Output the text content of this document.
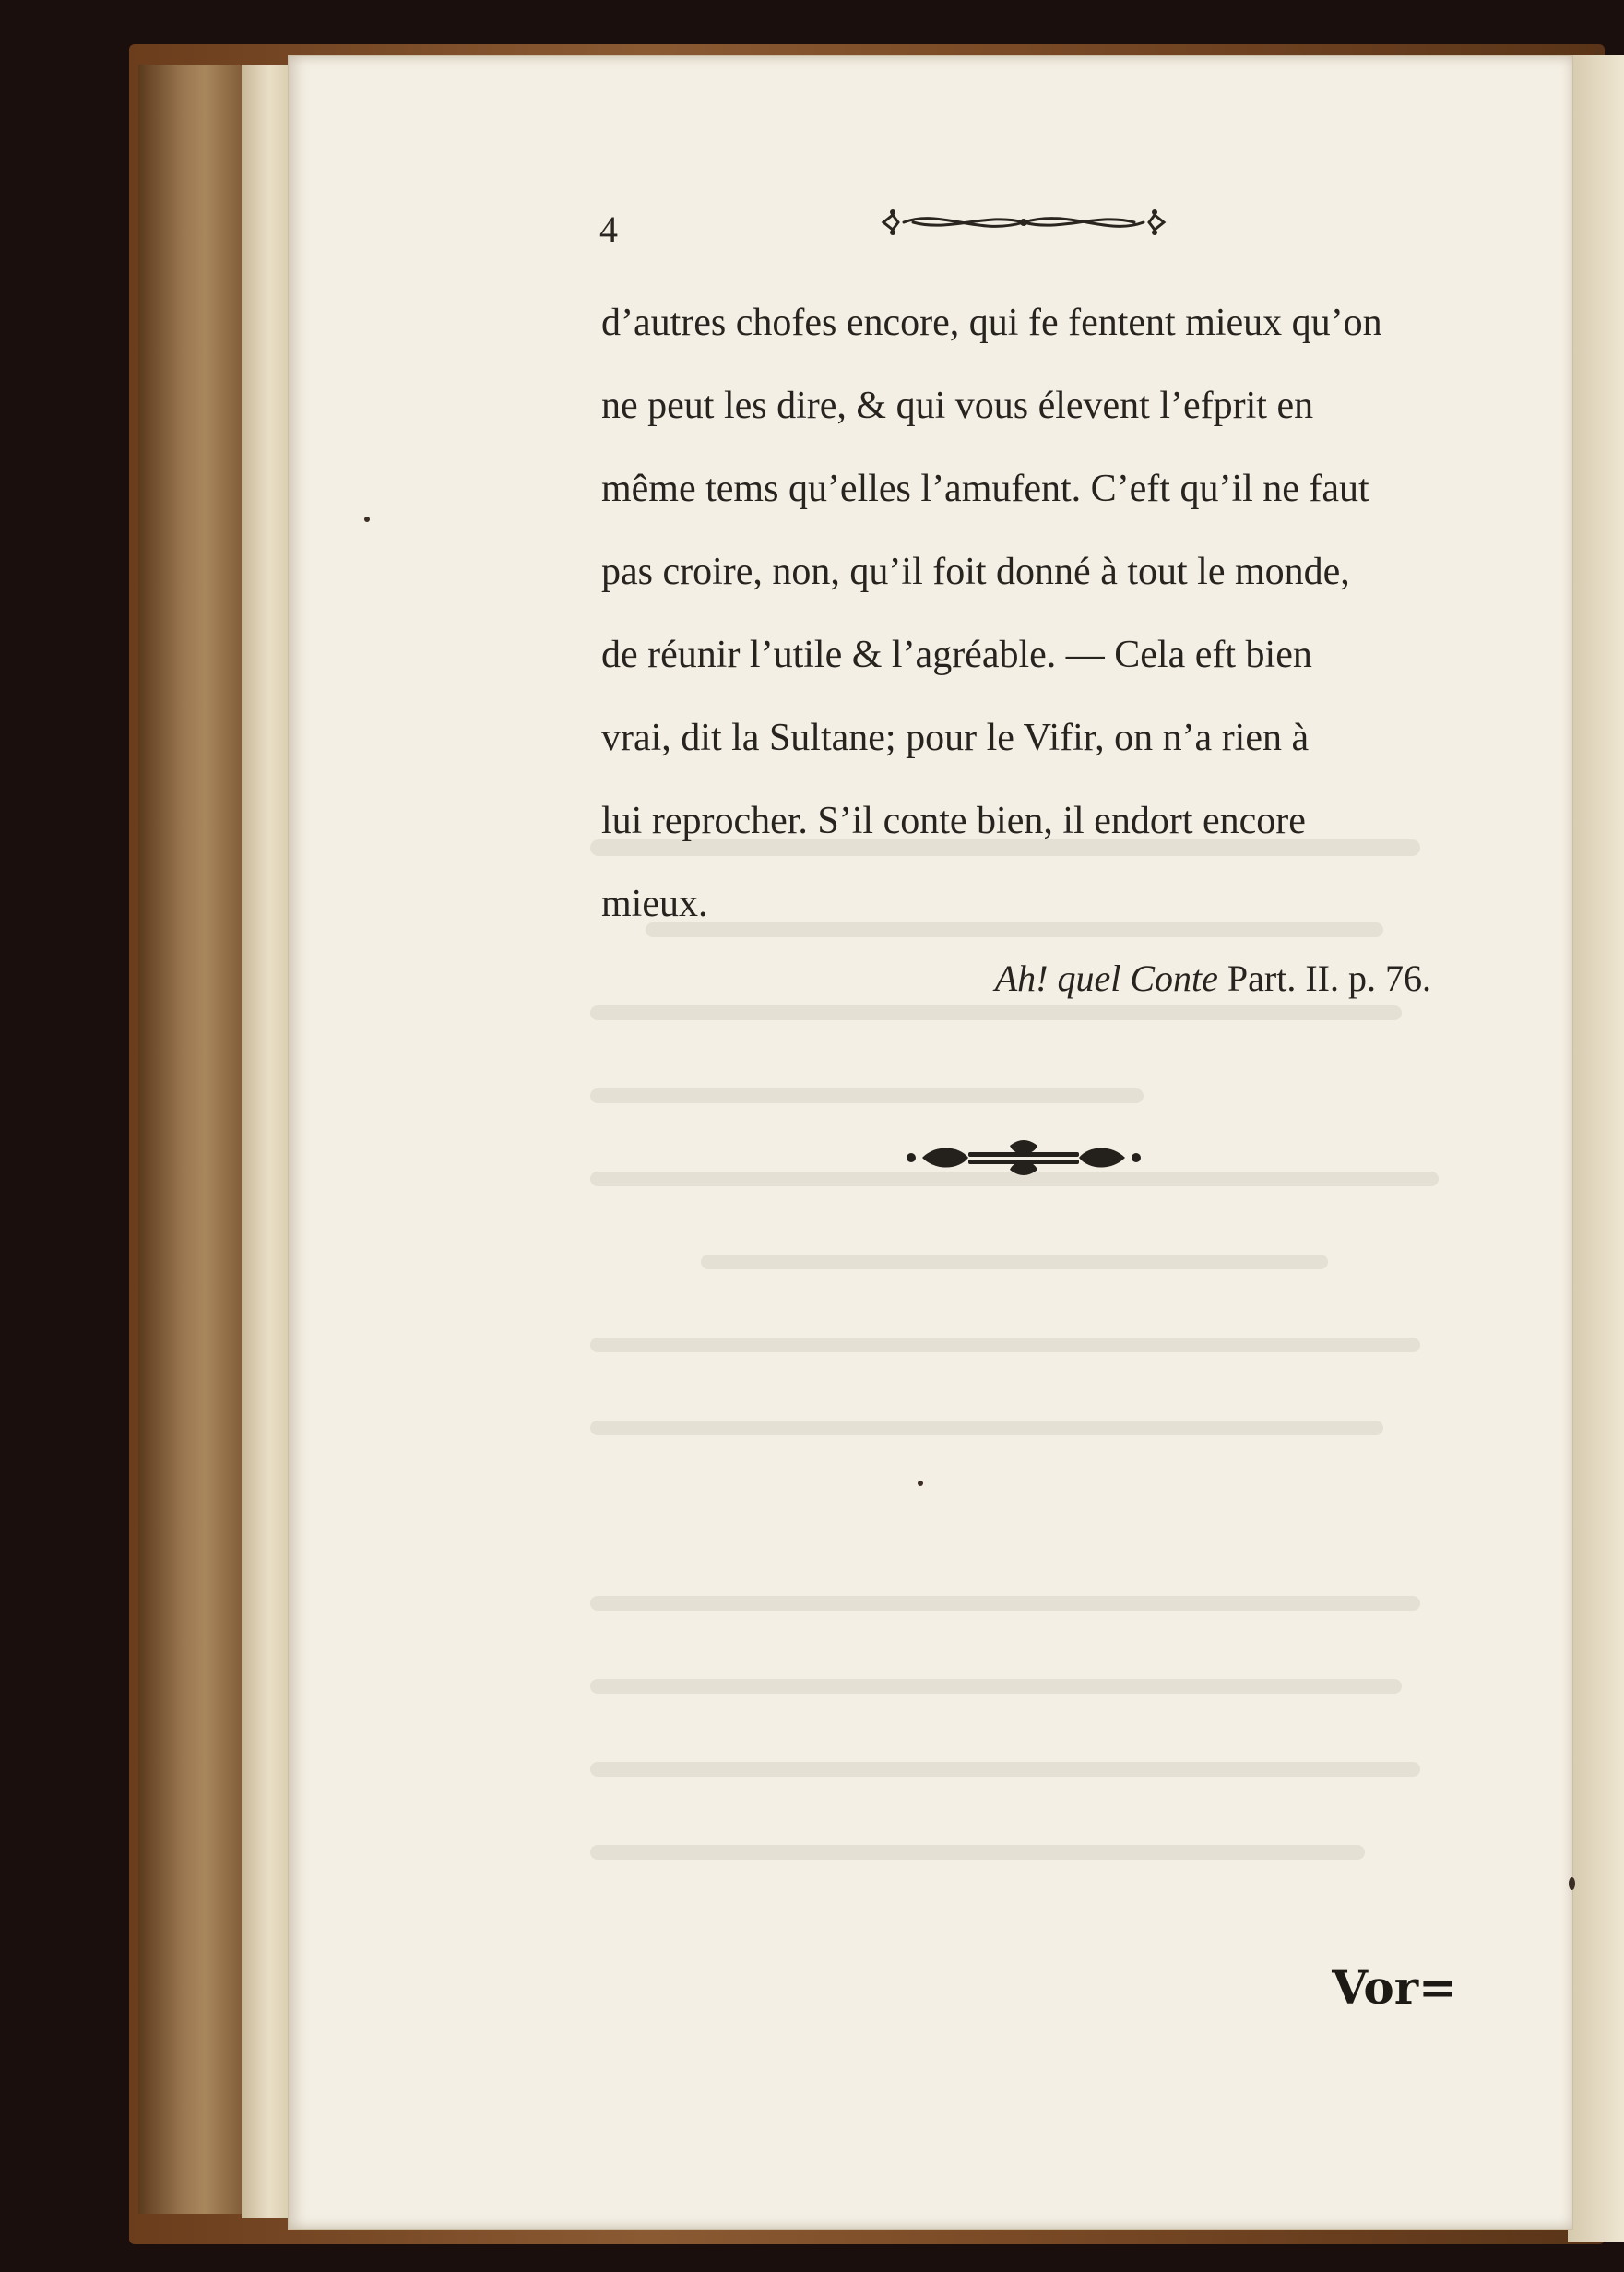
4
d’autres chofes encore, qui fe fentent mieux qu’on
ne peut les dire, & qui vous élevent l’efprit en
même tems qu’elles l’amufent. C’eft qu’il ne faut
pas croire, non, qu’il foit donné à tout le monde,
de réunir l’utile & l’agréable. — Cela eft bien
vrai, dit la Sultane; pour le Vifir, on n’a rien à
lui reprocher. S’il conte bien, il endort encore
mieux.
Ah! quel Conte Part. II. p. 76.
Vor=
